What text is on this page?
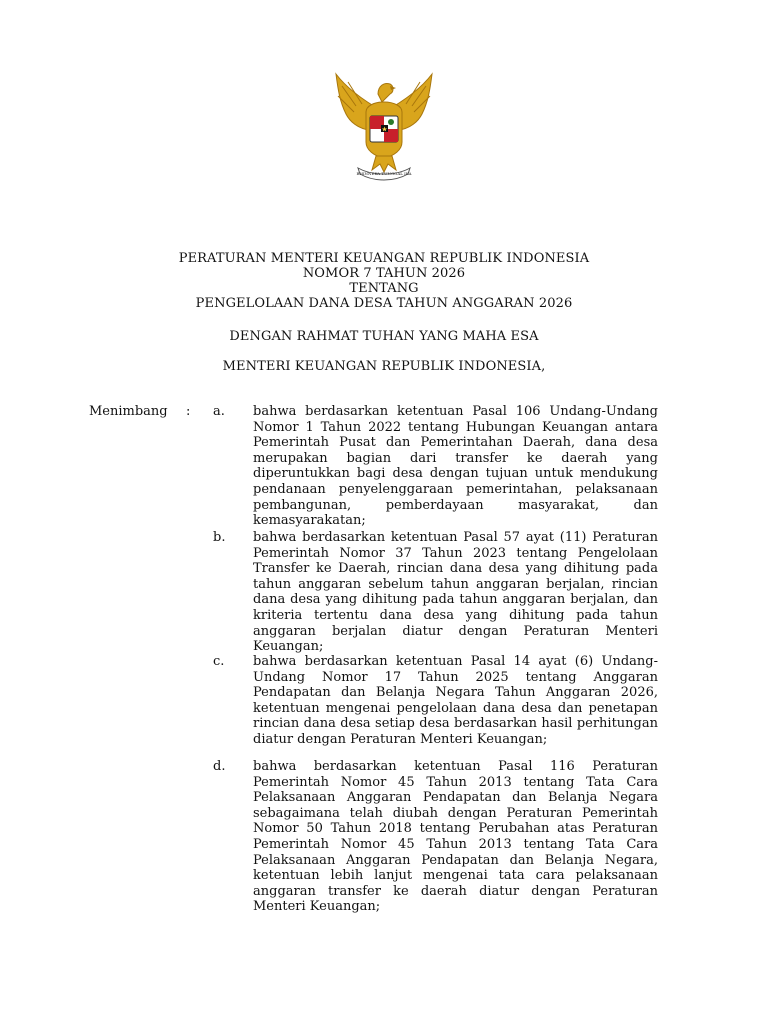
BHINNEKA TUNGGAL IKA
PERATURAN MENTERI KEUANGAN REPUBLIK INDONESIA
NOMOR 7 TAHUN 2026
TENTANG
PENGELOLAAN DANA DESA TAHUN ANGGARAN 2026
DENGAN RAHMAT TUHAN YANG MAHA ESA
MENTERI KEUANGAN REPUBLIK INDONESIA,
Menimbang : a. bahwa berdasarkan ketentuan Pasal 106 Undang-Undang Nomor 1 Tahun 2022 tentang Hubungan Keuangan antara Pemerintah Pusat dan Pemerintahan Daerah, dana desa merupakan bagian dari transfer ke daerah yang diperuntukkan bagi desa dengan tujuan untuk mendukung pendanaan penyelenggaraan pemerintahan, pelaksanaan pembangunan, pemberdayaan masyarakat, dan kemasyarakatan;
b. bahwa berdasarkan ketentuan Pasal 57 ayat (11) Peraturan Pemerintah Nomor 37 Tahun 2023 tentang Pengelolaan Transfer ke Daerah, rincian dana desa yang dihitung pada tahun anggaran sebelum tahun anggaran berjalan, rincian dana desa yang dihitung pada tahun anggaran berjalan, dan kriteria tertentu dana desa yang dihitung pada tahun anggaran berjalan diatur dengan Peraturan Menteri Keuangan;
c. bahwa berdasarkan ketentuan Pasal 14 ayat (6) Undang-Undang Nomor 17 Tahun 2025 tentang Anggaran Pendapatan dan Belanja Negara Tahun Anggaran 2026, ketentuan mengenai pengelolaan dana desa dan penetapan rincian dana desa setiap desa berdasarkan hasil perhitungan diatur dengan Peraturan Menteri Keuangan;
d. bahwa berdasarkan ketentuan Pasal 116 Peraturan Pemerintah Nomor 45 Tahun 2013 tentang Tata Cara Pelaksanaan Anggaran Pendapatan dan Belanja Negara sebagaimana telah diubah dengan Peraturan Pemerintah Nomor 50 Tahun 2018 tentang Perubahan atas Peraturan Pemerintah Nomor 45 Tahun 2013 tentang Tata Cara Pelaksanaan Anggaran Pendapatan dan Belanja Negara, ketentuan lebih lanjut mengenai tata cara pelaksanaan anggaran transfer ke daerah diatur dengan Peraturan Menteri Keuangan;
